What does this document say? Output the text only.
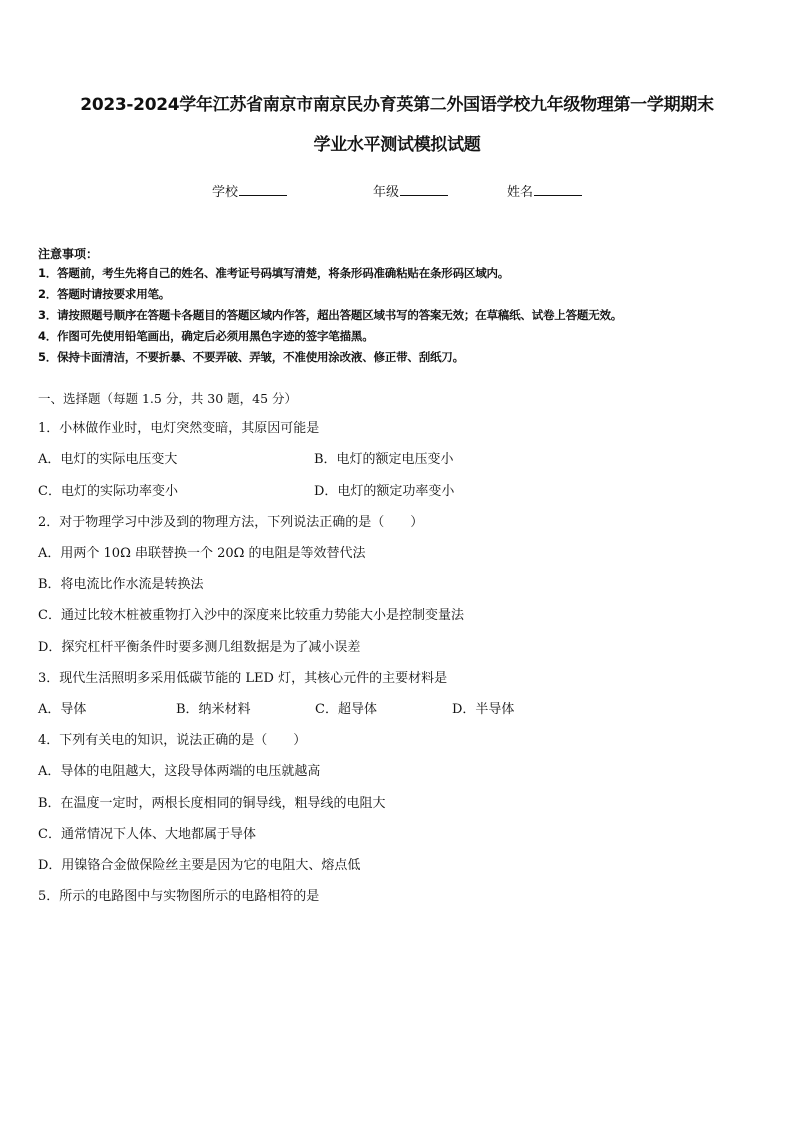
2023-2024学年江苏省南京市南京民办育英第二外国语学校九年级物理第一学期期末
学业水平测试模拟试题
学校	年级	姓名
注意事项：
1．答题前，考生先将自己的姓名、准考证号码填写清楚，将条形码准确粘贴在条形码区域内。
2．答题时请按要求用笔。
3．请按照题号顺序在答题卡各题目的答题区域内作答，超出答题区域书写的答案无效；在草稿纸、试卷上答题无效。
4．作图可先使用铅笔画出，确定后必须用黑色字迹的签字笔描黑。
5．保持卡面清洁，不要折暴、不要弄破、弄皱，不准使用涂改液、修正带、刮纸刀。
一、选择题（每题 1.5 分，共 30 题，45 分）
1．小林做作业时，电灯突然变暗，其原因可能是
A．电灯的实际电压变大	B．电灯的额定电压变小
C．电灯的实际功率变小	D．电灯的额定功率变小
2．对于物理学习中涉及到的物理方法，下列说法正确的是（　　）
A．用两个 10Ω 串联替换一个 20Ω 的电阻是等效替代法
B．将电流比作水流是转换法
C．通过比较木桩被重物打入沙中的深度来比较重力势能大小是控制变量法
D．探究杠杆平衡条件时要多测几组数据是为了减小误差
3．现代生活照明多采用低碳节能的 LED 灯，其核心元件的主要材料是
A．导体	B．纳米材料	C．超导体	D．半导体
4．下列有关电的知识，说法正确的是（　　）
A．导体的电阻越大，这段导体两端的电压就越高
B．在温度一定时，两根长度相同的铜导线，粗导线的电阻大
C．通常情况下人体、大地都属于导体
D．用镍铬合金做保险丝主要是因为它的电阻大、熔点低
5．所示的电路图中与实物图所示的电路相符的是
